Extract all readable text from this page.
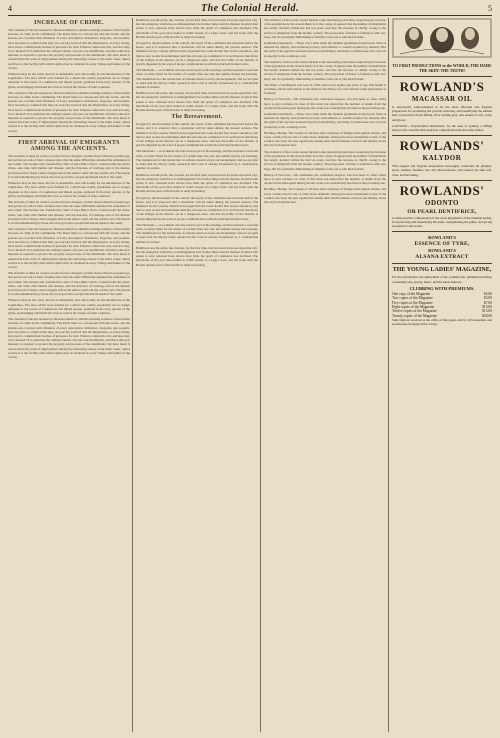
4	The Colonial Herald.	5
INCREASE OF CRIME.

The calendar of the last Assizes for the three Districts, exhibits startling evidence of the fearful increase of crime in the community. The Rural lines too correspond with the towns, and the prisons are crowded with offenders of every description. Robberies, forgeries, and assaults, have become so common that they are scarcely noticed; and the Magistrates, at every sitting, have had to commit fresh batches of prisoners for trial. Whence comes this evil, and how may it be checked? It is plain that the ordinary means of police are insufficient, and that some new measure is required to protect the property and persons of the inhabitants. We have heard it asserted that the want of employment among the labouring classes is the main cause; others ascribe it to the facility with which spirits may be obtained in every village and hamlet of the colony.

Whatever may be the cause, the fact is undeniable, and calls loudly for the interference of the Legislature. The laws which were framed for a small and orderly population are no longer adequate to the wants of a numerous and mixed people, gathered from every quarter of the globe, and bringing with them the vices as well as the virtues of older countries.

The calendar of the last Assizes for the three Districts, exhibits startling evidence of the fearful increase of crime in the community. The Rural lines too correspond with the towns, and the prisons are crowded with offenders of every description. Robberies, forgeries, and assaults, have become so common that they are scarcely noticed; and the Magistrates, at every sitting, have had to commit fresh batches of prisoners for trial. Whence comes this evil, and how may it be checked? It is plain that the ordinary means of police are insufficient, and that some new measure is required to protect the property and persons of the inhabitants. We have heard it asserted that the want of employment among the labouring classes is the main cause; others ascribe it to the facility with which spirits may be obtained in every village and hamlet of the colony.

FIRST ARRIVAL OF EMIGRANTS AMONG THE ANCIENTS.

The ancients, it must be owned, received fewer strangers on their shores than the present age, and yet the records of their colonies show that the same difficulties attended the settlement of new lands. The Greeks who founded the cities of Asia Minor had to contend with the native tribes, and often with famine and disease; and the histories of Carthage and of the Roman provinces tell of many a hard struggle before the settler could call the soil his own. The lesson is worth remembering by those who now go forth to people the distant lands of the south.

Whatever may be the cause, the fact is undeniable, and calls loudly for the interference of the Legislature. The laws which were framed for a small and orderly population are no longer adequate to the wants of a numerous and mixed people, gathered from every quarter of the globe, and bringing with them the vices as well as the virtues of older countries.

The ancients, it must be owned, received fewer strangers on their shores than the present age, and yet the records of their colonies show that the same difficulties attended the settlement of new lands. The Greeks who founded the cities of Asia Minor had to contend with the native tribes, and often with famine and disease; and the histories of Carthage and of the Roman provinces tell of many a hard struggle before the settler could call the soil his own. The lesson is worth remembering by those who now go forth to people the distant lands of the south.

The calendar of the last Assizes for the three Districts, exhibits startling evidence of the fearful increase of crime in the community. The Rural lines too correspond with the towns, and the prisons are crowded with offenders of every description. Robberies, forgeries, and assaults, have become so common that they are scarcely noticed; and the Magistrates, at every sitting, have had to commit fresh batches of prisoners for trial. Whence comes this evil, and how may it be checked? It is plain that the ordinary means of police are insufficient, and that some new measure is required to protect the property and persons of the inhabitants. We have heard it asserted that the want of employment among the labouring classes is the main cause; others ascribe it to the facility with which spirits may be obtained in every village and hamlet of the colony.

The ancients, it must be owned, received fewer strangers on their shores than the present age, and yet the records of their colonies show that the same difficulties attended the settlement of new lands. The Greeks who founded the cities of Asia Minor had to contend with the native tribes, and often with famine and disease; and the histories of Carthage and of the Roman provinces tell of many a hard struggle before the settler could call the soil his own. The lesson is worth remembering by those who now go forth to people the distant lands of the south.

Whatever may be the cause, the fact is undeniable, and calls loudly for the interference of the Legislature. The laws which were framed for a small and orderly population are no longer adequate to the wants of a numerous and mixed people, gathered from every quarter of the globe, and bringing with them the vices as well as the virtues of older countries.

The calendar of the last Assizes for the three Districts, exhibits startling evidence of the fearful increase of crime in the community. The Rural lines too correspond with the towns, and the prisons are crowded with offenders of every description. Robberies, forgeries, and assaults, have become so common that they are scarcely noticed; and the Magistrates, at every sitting, have had to commit fresh batches of prisoners for trial. Whence comes this evil, and how may it be checked? It is plain that the ordinary means of police are insufficient, and that some new measure is required to protect the property and persons of the inhabitants. We have heard it asserted that the want of employment among the labouring classes is the main cause; others ascribe it to the facility with which spirits may be obtained in every village and hamlet of the colony.

Baltimore was the pride, the creation, for the first time, has bestowed its praise upon that city; but the enterprise which has so distinguished it in former times and the manner in which that praise is now returned have shown how little the spirit of commerce has declined. The merchants of the port have united to build vessels of a larger class, and the trade with the Brazils and the ports of the Pacific is daily increasing.

In regard to the movement of the council, the report of the committee has been laid before the house, and it is expected that a resolution will be taken during the present session. The members for the country districts have urged that the roads should first receive attention, and that no new works be undertaken until the old ones are completed. It is well known that many of the bridges in the interior are in a dangerous state, and that the traffic of the farmers is greatly impeded by the want of proper communication with the principal market towns.

The Mechanic.—A workman who has saved a part of his earnings, and has learned to read and write, is better fitted for the duties of a settler than one who has neither money nor learning. The institutions for the instruction of artisans deserve every encouragement; and we are glad to learn that the library lately opened in this town is already frequented by a considerable number of readers.

Baltimore was the pride, the creation, for the first time, has bestowed its praise upon that city; but the enterprise which has so distinguished it in former times and the manner in which that praise is now returned have shown how little the spirit of commerce has declined. The merchants of the port have united to build vessels of a larger class, and the trade with the Brazils and the ports of the Pacific is daily increasing.

The Bereavement.

In regard to the movement of the council, the report of the committee has been laid before the house, and it is expected that a resolution will be taken during the present session. The members for the country districts have urged that the roads should first receive attention, and that no new works be undertaken until the old ones are completed. It is well known that many of the bridges in the interior are in a dangerous state, and that the traffic of the farmers is greatly impeded by the want of proper communication with the principal market towns.

The Mechanic.—A workman who has saved a part of his earnings, and has learned to read and write, is better fitted for the duties of a settler than one who has neither money nor learning. The institutions for the instruction of artisans deserve every encouragement; and we are glad to learn that the library lately opened in this town is already frequented by a considerable number of readers.

Baltimore was the pride, the creation, for the first time, has bestowed its praise upon that city; but the enterprise which has so distinguished it in former times and the manner in which that praise is now returned have shown how little the spirit of commerce has declined. The merchants of the port have united to build vessels of a larger class, and the trade with the Brazils and the ports of the Pacific is daily increasing.

In regard to the movement of the council, the report of the committee has been laid before the house, and it is expected that a resolution will be taken during the present session. The members for the country districts have urged that the roads should first receive attention, and that no new works be undertaken until the old ones are completed. It is well known that many of the bridges in the interior are in a dangerous state, and that the traffic of the farmers is greatly impeded by the want of proper communication with the principal market towns.

The Mechanic.—A workman who has saved a part of his earnings, and has learned to read and write, is better fitted for the duties of a settler than one who has neither money nor learning. The institutions for the instruction of artisans deserve every encouragement; and we are glad to learn that the library lately opened in this town is already frequented by a considerable number of readers.

Baltimore was the pride, the creation, for the first time, has bestowed its praise upon that city; but the enterprise which has so distinguished it in former times and the manner in which that praise is now returned have shown how little the spirit of commerce has declined. The merchants of the port have united to build vessels of a larger class, and the trade with the Brazils and the ports of the Pacific is daily increasing.

The statistics of the recent census furnish some interesting particulars respecting the increase of the population in the several districts of the colony. It appears that the number of inhabitants has nearly doubled within the last ten years, and that the increase is chiefly owing to the arrival of emigrants from the mother country. The proportion of males to females is still very large, but it is gradually diminishing as families come out to join their friends.

Gentlemen Spaniards.—There was a time when the Spanish gentleman looked upon trade as beneath his dignity, and preferred poverty with idleness to wealth acquired by industry. But the spirit of the age has reached even the proud hidalgo, and many a noble house now owes its prosperity to the counting-room.

The statistics of the recent census furnish some interesting particulars respecting the increase of the population in the several districts of the colony. It appears that the number of inhabitants has nearly doubled within the last ten years, and that the increase is chiefly owing to the arrival of emigrants from the mother country. The proportion of males to females is still very large, but it is gradually diminishing as families come out to join their friends.

The Duke of Wellington was born in 1769, and is now eighty-one years of age. His health is excellent, and he still attends to his duties in the House of Lords with the same punctuality as formerly.

Bishop of Norwich.—Mr. Alderman, the celebrated surgeon, who has been so often called upon to give evidence in cases of this kind, has stated that the number of deaths from the cholera in the metropolis during the last week was considerably less than in the preceding one.

Gentlemen Spaniards.—There was a time when the Spanish gentleman looked upon trade as beneath his dignity, and preferred poverty with idleness to wealth acquired by industry. But the spirit of the age has reached even the proud hidalgo, and many a noble house now owes its prosperity to the counting-room.

Holding a Bridge. The Greeks of old have their traditions of bridges held against armies, and every country has its tale of some brave defender. Among the most remarkable is that of the soldiers who kept the pass against the enemy until reinforcements arrived, and thereby saved the city from destruction.

The statistics of the recent census furnish some interesting particulars respecting the increase of the population in the several districts of the colony. It appears that the number of inhabitants has nearly doubled within the last ten years, and that the increase is chiefly owing to the arrival of emigrants from the mother country. The proportion of males to females is still very large, but it is gradually diminishing as families come out to join their friends.

Bishop of Norwich.—Mr. Alderman, the celebrated surgeon, who has been so often called upon to give evidence in cases of this kind, has stated that the number of deaths from the cholera in the metropolis during the last week was considerably less than in the preceding one.

Holding a Bridge. The Greeks of old have their traditions of bridges held against armies, and every country has its tale of some brave defender. Among the most remarkable is that of the soldiers who kept the pass against the enemy until reinforcements arrived, and thereby saved the city from destruction.

TO FIRST PRODUCTIONS to the WORLD, THE HAIR! THE SKIN! THE TEETH!
ROWLAND'S
MACASSAR OIL

Is universally acknowledged to be the most effectual and fragrant preparation for promoting the growth, restoring, and beautifying the human hair; it prevents it from falling off or turning grey, and renders it soft, curly, and glossy.

CAUTION.—Unprincipled individuals, for the sake of gaining a trifling more profit, vend the most spurious compounds under the same names.

ROWLANDS'
KALYDOR

This elegant and fragrant preparation thoroughly eradicates all pimples, spots, redness, freckles, tan, and discolorations, and renders the skin soft, clear, and blooming.

ROWLANDS'
ODONTO
OR PEARL DENTIFRICE,

A white powder compounded of the rarest ingredients of the Oriental herbal, for preserving and beautifying the teeth, strengthening the gums, and giving sweetness to the breath.

ROWLAND'S
ESSENCE OF TYRE,
ROWLAND'S
ALSANA EXTRACT
THE YOUNG LADIES' MAGAZINE,

For the information and amusement of the youthful fair, published monthly, containing tales, poetry, music, and the latest fashions.

CLUBBING WITH PREMIUMS.
One copy of the Magazine	$2.00
Two copies of the Magazine	$3.00
Five copies of the Magazine	$7.00
Eight copies of the Magazine	$10.00
Twelve copies of the Magazine	$15.00
Twenty copies of the Magazine	$20.00

Subscriptions received at the office of this paper, and by all booksellers and postmasters throughout the colony.
